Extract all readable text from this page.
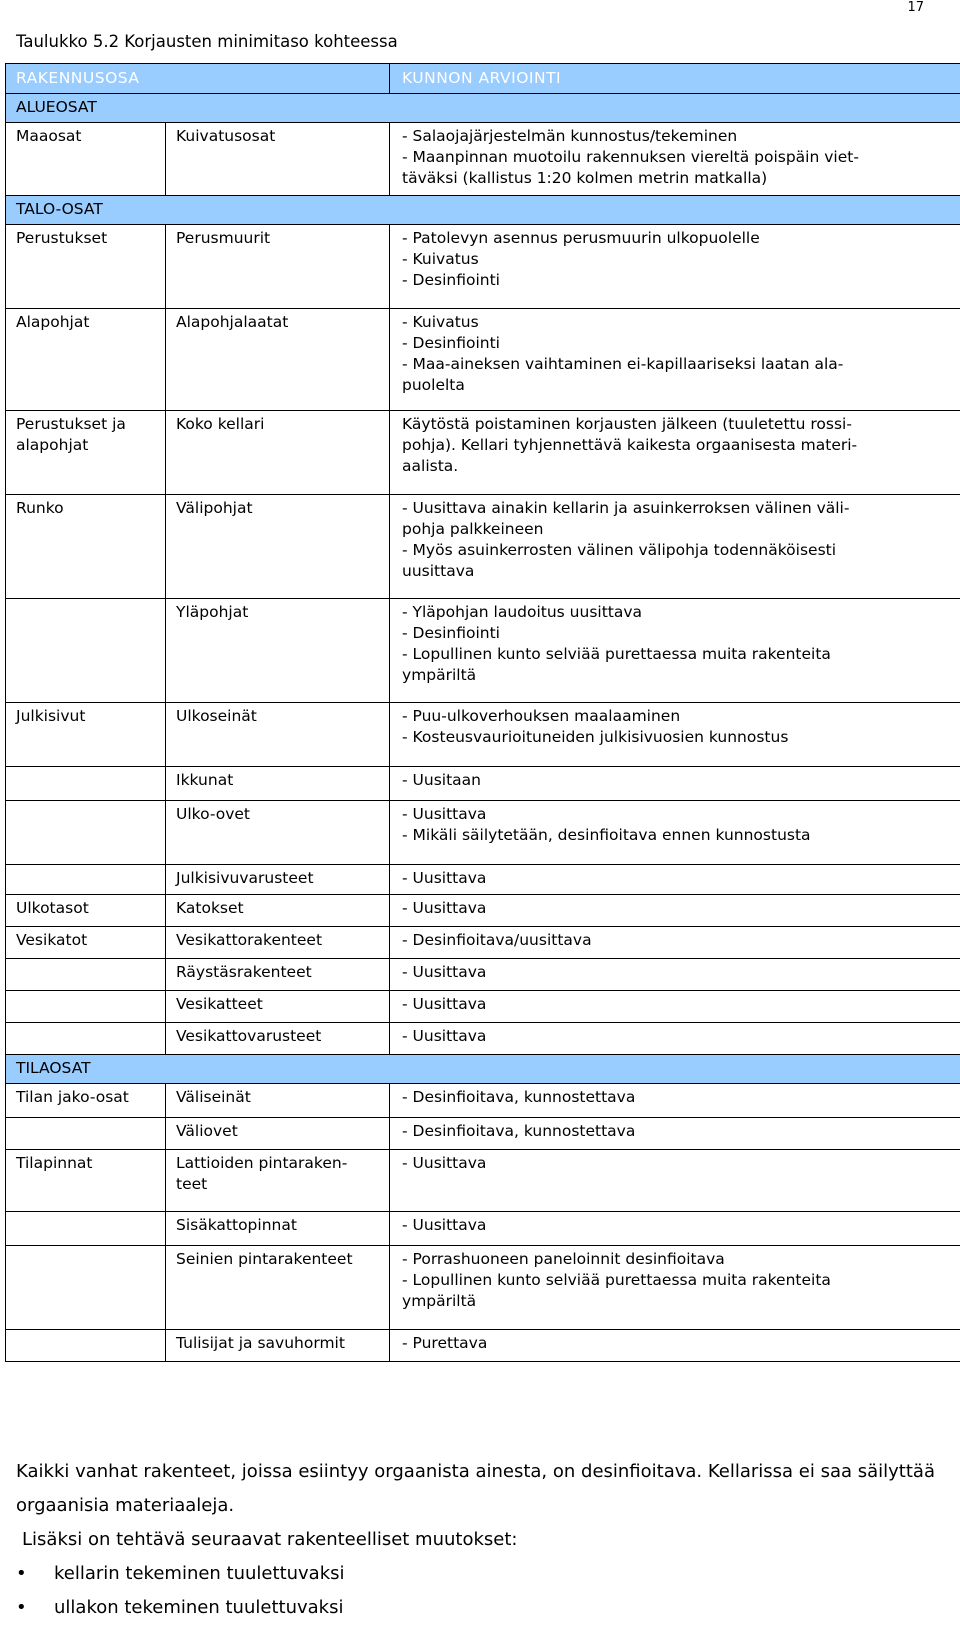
17
Taulukko 5.2 Korjausten minimitaso kohteessa
RAKENNUSOSA		KUNNON ARVIOINTI
ALUEOSAT		

Maaosat	Kuivatusosat	- Salaojajärjestelmän kunnostus/tekeminen
- Maanpinnan muotoilu rakennuksen viereltä poispäin viet-
täväksi (kallistus 1:20 kolmen metrin matkalla)

TALO-OSAT		

Perustukset	Perusmuurit	- Patolevyn asennus perusmuurin ulkopuolelle
- Kuivatus
- Desinfiointi

Alapohjat	Alapohjalaatat	- Kuivatus
- Desinfiointi
- Maa-aineksen vaihtaminen ei-kapillaariseksi laatan ala-
puolelta

Perustukset ja
alapohjat	Koko kellari	Käytöstä poistaminen korjausten jälkeen (tuuletettu rossi-
pohja). Kellari tyhjennettävä kaikesta orgaanisesta materi-
aalista.

Runko	Välipohjat	- Uusittava ainakin kellarin ja asuinkerroksen välinen väli-
pohja palkkeineen
- Myös asuinkerrosten välinen välipohja todennäköisesti
uusittava

	Yläpohjat	- Yläpohjan laudoitus uusittava
- Desinfiointi
- Lopullinen kunto selviää purettaessa muita rakenteita
ympäriltä

Julkisivut	Ulkoseinät	- Puu-ulkoverhouksen maalaaminen
- Kosteusvaurioituneiden julkisivuosien kunnostus

	Ikkunat	- Uusitaan

	Ulko-ovet	- Uusittava
- Mikäli säilytetään, desinfioitava ennen kunnostusta

	Julkisivuvarusteet	- Uusittava

Ulkotasot	Katokset	- Uusittava

Vesikatot	Vesikattorakenteet	- Desinfioitava/uusittava

	Räystäsrakenteet	- Uusittava

	Vesikatteet	- Uusittava

	Vesikattovarusteet	- Uusittava

TILAOSAT		

Tilan jako-osat	Väliseinät	- Desinfioitava, kunnostettava

	Väliovet	- Desinfioitava, kunnostettava

Tilapinnat	Lattioiden pintaraken-
teet	- Uusittava

	Sisäkattopinnat	- Uusittava

	Seinien pintarakenteet	- Porrashuoneen paneloinnit desinfioitava
- Lopullinen kunto selviää purettaessa muita rakenteita
ympäriltä

	Tulisijat ja savuhormit	- Purettava

Kaikki vanhat rakenteet, joissa esiintyy orgaanista ainesta, on desinfioitava. Kellarissa ei saa säilyttää orgaanisia materiaaleja.

Lisäksi on tehtävä seuraavat rakenteelliset muutokset:

• kellarin tekeminen tuulettuvaksi
• ullakon tekeminen tuulettuvaksi
